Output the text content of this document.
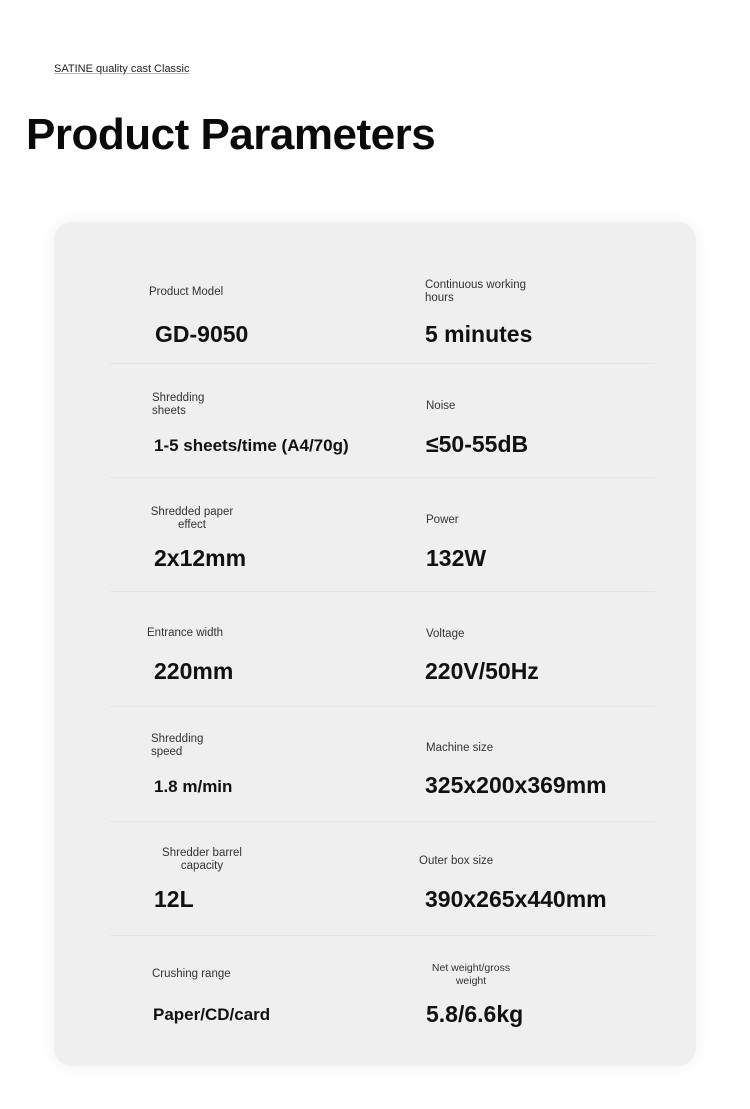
SATINE quality cast Classic
Product Parameters
Product Model
GD-9050
Continuous working hours
5 minutes
Shredding sheets
1-5 sheets/time (A4/70g)
Noise
≤50-55dB
Shredded paper effect
2x12mm
Power
132W
Entrance width
220mm
Voltage
220V/50Hz
Shredding speed
1.8 m/min
Machine size
325x200x369mm
Shredder barrel capacity
12L
Outer box size
390x265x440mm
Crushing range
Paper/CD/card
Net weight/gross weight
5.8/6.6kg
